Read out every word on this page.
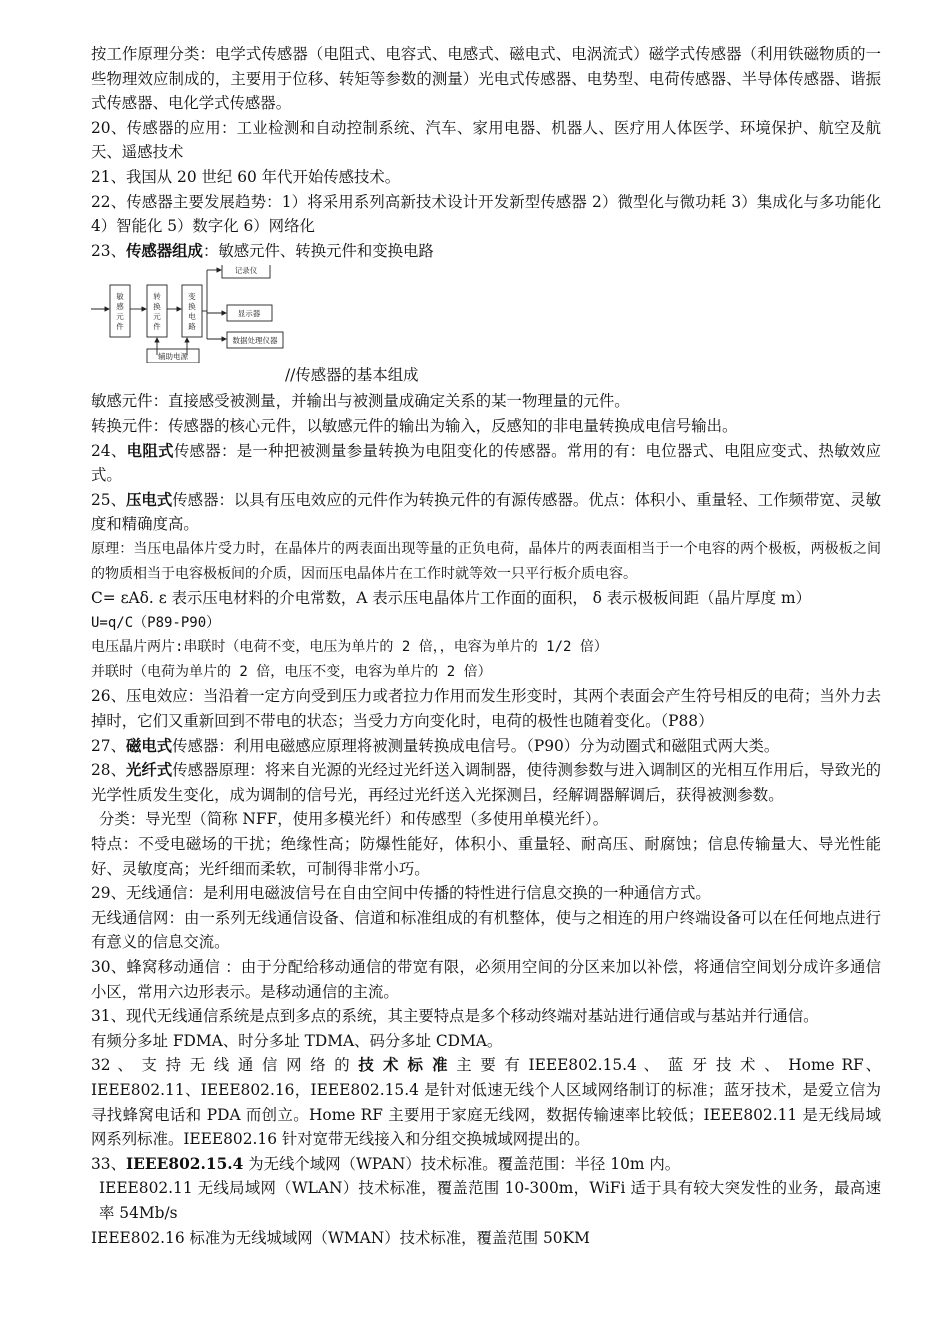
按工作原理分类：电学式传感器（电阻式、电容式、电感式、磁电式、电涡流式）磁学式传感器（利用铁磁物质的一些物理效应制成的，主要用于位移、转矩等参数的测量）光电式传感器、电势型、电荷传感器、半导体传感器、谐振式传感器、电化学式传感器。

20、传感器的应用：工业检测和自动控制系统、汽车、家用电器、机器人、医疗用人体医学、环境保护、航空及航天、遥感技术

21、我国从 20 世纪 60 年代开始传感技术。

22、传感器主要发展趋势：1）将采用系列高新技术设计开发新型传感器 2）微型化与微功耗 3）集成化与多功能化 4）智能化 5）数字化 6）网络化

23、传感器组成：敏感元件、转换元件和变换电路

敏
感
元
件
转
换
元
件
变
换
电
路
记录仪
显示器
数据处理仪器
辅助电源
//传感器的基本组成

敏感元件：直接感受被测量，并输出与被测量成确定关系的某一物理量的元件。

转换元件：传感器的核心元件，以敏感元件的输出为输入，反感知的非电量转换成电信号输出。

24、电阻式传感器：是一种把被测量参量转换为电阻变化的传感器。常用的有：电位器式、电阻应变式、热敏效应式。

25、压电式传感器：以具有压电效应的元件作为转换元件的有源传感器。优点：体积小、重量轻、工作频带宽、灵敏度和精确度高。

原理：当压电晶体片受力时，在晶体片的两表面出现等量的正负电荷，晶体片的两表面相当于一个电容的两个极板，两极板之间的物质相当于电容极板间的介质，因而压电晶体片在工作时就等效一只平行板介质电容。

C= εAδ. ε 表示压电材料的介电常数，A 表示压电晶体片工作面的面积， δ 表示极板间距（晶片厚度 m）

U=q/C（P89-P90）

电压晶片两片:串联时（电荷不变，电压为单片的 2 倍，，电容为单片的 1/2 倍）

并联时（电荷为单片的 2 倍，电压不变，电容为单片的 2 倍）

26、压电效应：当沿着一定方向受到压力或者拉力作用而发生形变时，其两个表面会产生符号相反的电荷；当外力去掉时，它们又重新回到不带电的状态；当受力方向变化时，电荷的极性也随着变化。（P88）

27、磁电式传感器：利用电磁感应原理将被测量转换成电信号。（P90）分为动圈式和磁阻式两大类。

28、光纤式传感器原理：将来自光源的光经过光纤送入调制器，使待测参数与进入调制区的光相互作用后，导致光的光学性质发生变化，成为调制的信号光，再经过光纤送入光探测吕，经解调器解调后，获得被测参数。

分类：导光型（简称 NFF，使用多模光纤）和传感型（多使用单模光纤）。

特点：不受电磁场的干扰；绝缘性高；防爆性能好，体积小、重量轻、耐高压、耐腐蚀；信息传输量大、导光性能好、灵敏度高；光纤细而柔软，可制得非常小巧。

29、无线通信：是利用电磁波信号在自由空间中传播的特性进行信息交换的一种通信方式。

无线通信网：由一系列无线通信设备、信道和标准组成的有机整体，使与之相连的用户终端设备可以在任何地点进行有意义的信息交流。

30、蜂窝移动通信 ：由于分配给移动通信的带宽有限，必须用空间的分区来加以补偿，将通信空间划分成许多通信小区，常用六边形表示。是移动通信的主流。

31、现代无线通信系统是点到多点的系统，其主要特点是多个移动终端对基站进行通信或与基站并行通信。

有频分多址 FDMA、时分多址 TDMA、码分多址 CDMA。

32 、 支 持 无 线 通 信 网 络 的 技 术 标 准 主 要 有 IEEE802.15.4 、 蓝 牙 技 术 、 Home RF、IEEE802.11、IEEE802.16，IEEE802.15.4 是针对低速无线个人区域网络制订的标准；蓝牙技术，是爱立信为寻找蜂窝电话和 PDA 而创立。Home RF 主要用于家庭无线网，数据传输速率比较低；IEEE802.11 是无线局域网系列标准。IEEE802.16 针对宽带无线接入和分组交换城域网提出的。

33、IEEE802.15.4 为无线个域网（WPAN）技术标准。覆盖范围：半径 10m 内。

IEEE802.11 无线局域网（WLAN）技术标准，覆盖范围 10-300m，WiFi 适于具有较大突发性的业务，最高速率 54Mb/s

IEEE802.16 标准为无线城域网（WMAN）技术标准，覆盖范围 50KM
